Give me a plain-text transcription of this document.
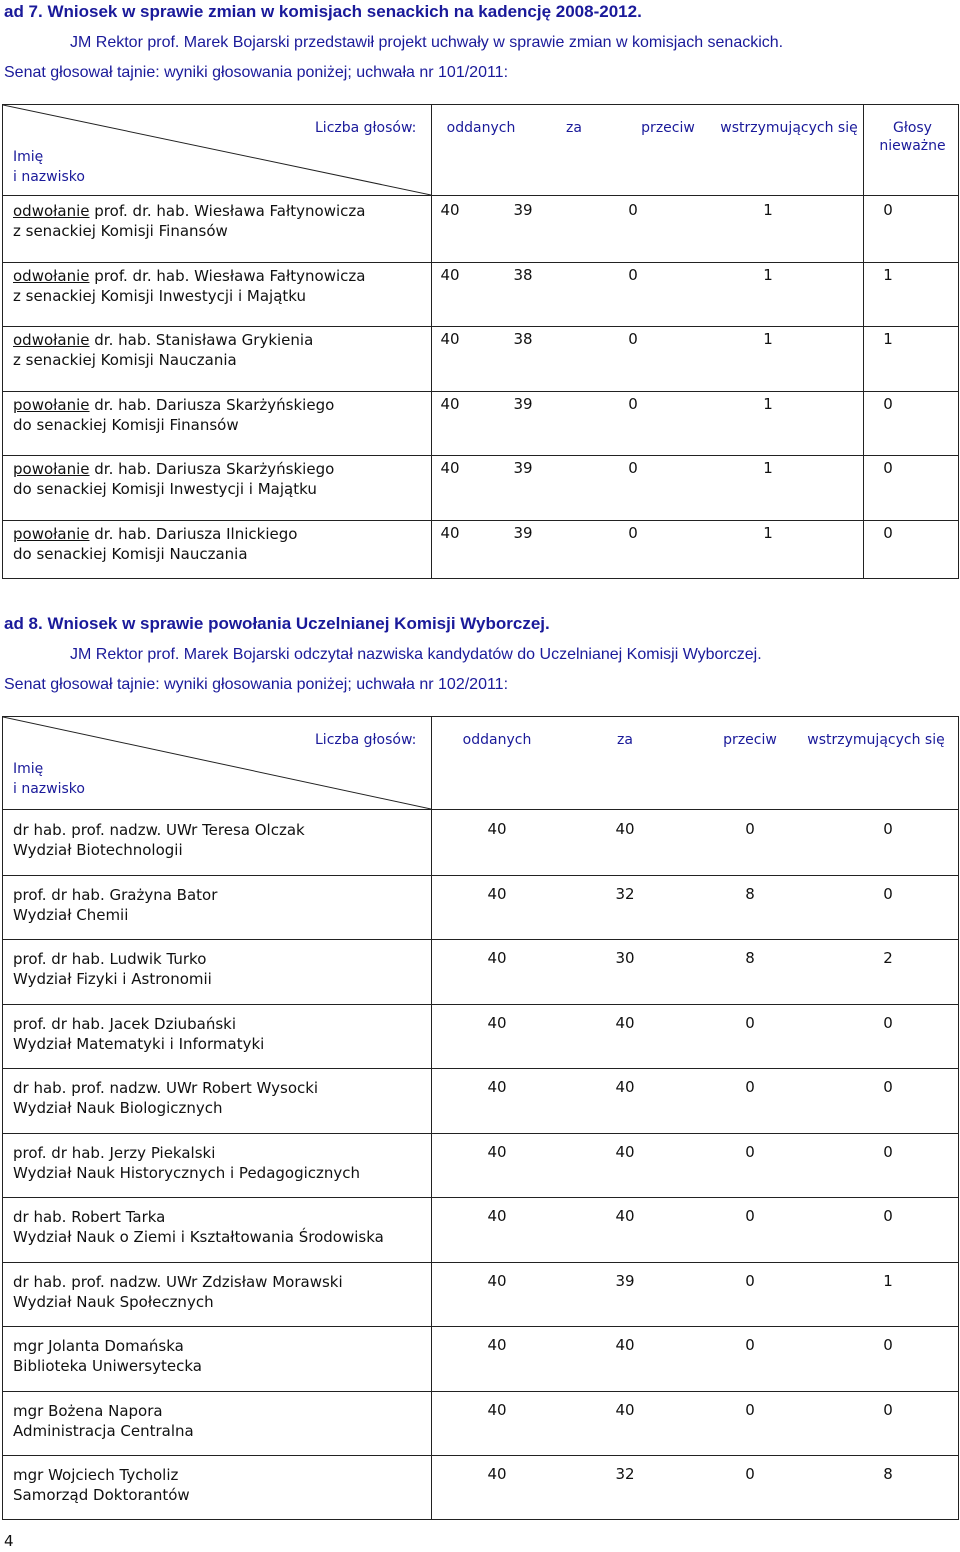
ad 7. Wniosek w sprawie zmian w komisjach senackich na kadencję 2008-2012.
JM Rektor prof. Marek Bojarski przedstawił projekt uchwały w sprawie zmian w komisjach senackich.
Senat głosował tajnie: wyniki głosowania poniżej; uchwała nr 101/2011:
Imię
i nazwisko
Liczba głosów:	oddanych	za	przeciw	wstrzymujących się	Głosy nieważne
odwołanie prof. dr. hab. Wiesława Fałtynowicza
z senackiej Komisji Finansów
40	39	0	1	0
odwołanie prof. dr. hab. Wiesława Fałtynowicza
z senackiej Komisji Inwestycji i Majątku
40	38	0	1	1
odwołanie dr. hab. Stanisława Grykienia
z senackiej Komisji Nauczania
40	38	0	1	1
powołanie dr. hab. Dariusza Skarżyńskiego
do senackiej Komisji Finansów
40	39	0	1	0
powołanie dr. hab. Dariusza Skarżyńskiego
do senackiej Komisji Inwestycji i Majątku
40	39	0	1	0
powołanie dr. hab. Dariusza Ilnickiego
do senackiej Komisji Nauczania
40	39	0	1	0
ad 8. Wniosek w sprawie powołania Uczelnianej Komisji Wyborczej.
JM Rektor prof. Marek Bojarski odczytał nazwiska kandydatów do Uczelnianej Komisji Wyborczej.
Senat głosował tajnie: wyniki głosowania poniżej; uchwała nr 102/2011:
Imię
i nazwisko
Liczba głosów:	oddanych	za	przeciw	wstrzymujących się
dr hab. prof. nadzw. UWr Teresa Olczak
Wydział Biotechnologii
40	40	0	0
prof. dr hab. Grażyna Bator
Wydział Chemii
40	32	8	0
prof. dr hab. Ludwik Turko
Wydział Fizyki i Astronomii
40	30	8	2
prof. dr hab. Jacek Dziubański
Wydział Matematyki i Informatyki
40	40	0	0
dr hab. prof. nadzw. UWr Robert Wysocki
Wydział Nauk Biologicznych
40	40	0	0
prof. dr hab. Jerzy Piekalski
Wydział Nauk Historycznych i Pedagogicznych
40	40	0	0
dr hab. Robert Tarka
Wydział Nauk o Ziemi i Kształtowania Środowiska
40	40	0	0
dr hab. prof. nadzw. UWr Zdzisław Morawski
Wydział Nauk Społecznych
40	39	0	1
mgr Jolanta Domańska
Biblioteka Uniwersytecka
40	40	0	0
mgr Bożena Napora
Administracja Centralna
40	40	0	0
mgr Wojciech Tycholiz
Samorząd Doktorantów
40	32	0	8
4
